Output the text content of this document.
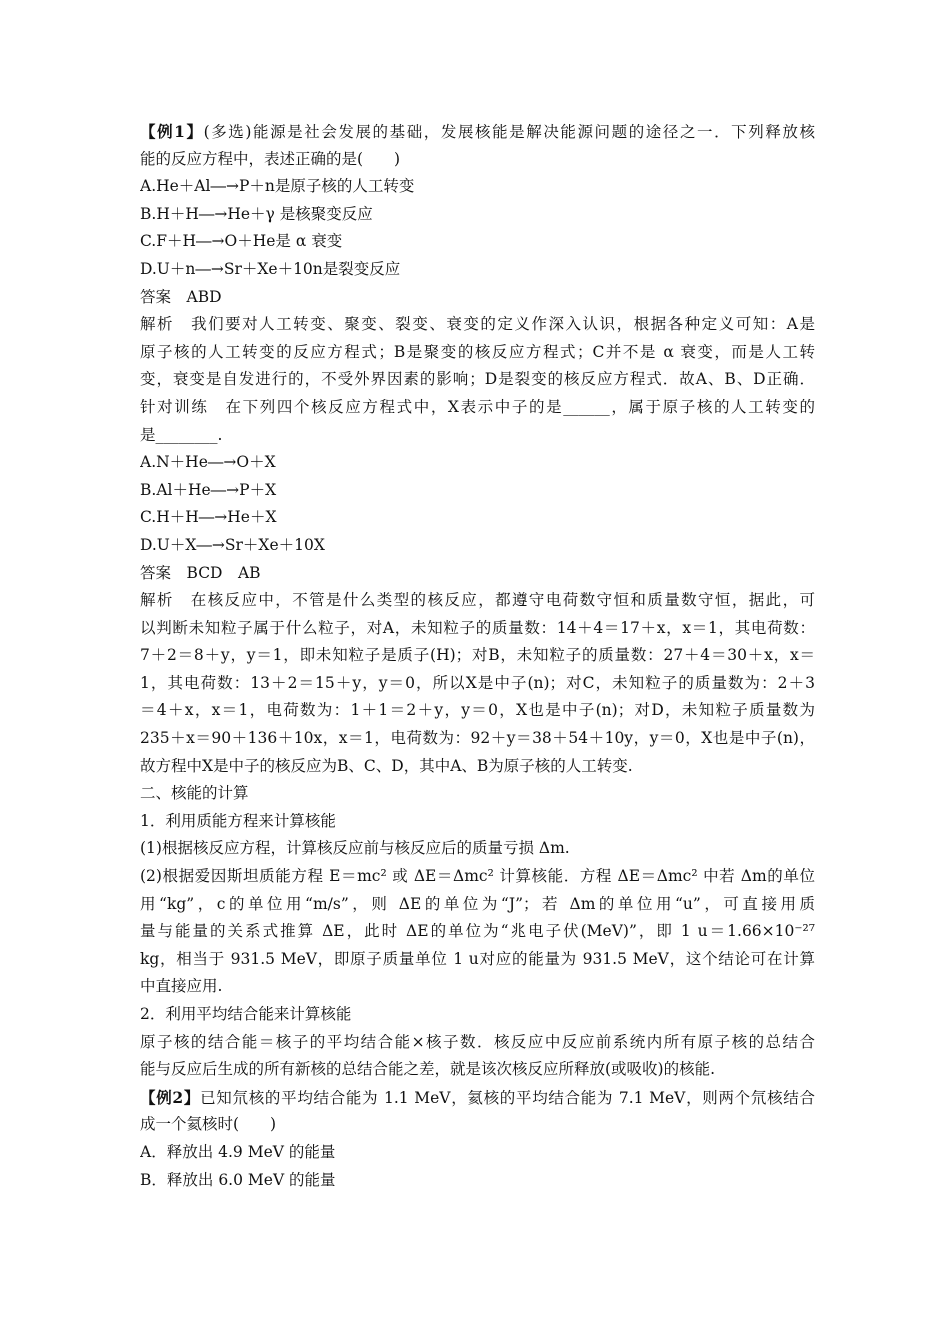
【例1】(多选)能源是社会发展的基础，发展核能是解决能源问题的途径之一．下列释放核
能的反应方程中，表述正确的是(　　)
A.He＋Al―→P＋n是原子核的人工转变
B.H＋H―→He＋γ 是核聚变反应
C.F＋H―→O＋He是 α 衰变
D.U＋n―→Sr＋Xe＋10n是裂变反应
答案 ABD
解析 我们要对人工转变、聚变、裂变、衰变的定义作深入认识，根据各种定义可知：A是
原子核的人工转变的反应方程式；B是聚变的核反应方程式；C并不是 α 衰变，而是人工转
变，衰变是自发进行的，不受外界因素的影响；D是裂变的核反应方程式．故A、B、D正确．
针对训练 在下列四个核反应方程式中，X表示中子的是______，属于原子核的人工转变的
是________.
A.N＋He―→O＋X
B.Al＋He―→P＋X
C.H＋H―→He＋X
D.U＋X―→Sr＋Xe＋10X
答案 BCD　AB
解析 在核反应中，不管是什么类型的核反应，都遵守电荷数守恒和质量数守恒，据此，可
以判断未知粒子属于什么粒子，对A，未知粒子的质量数：14＋4＝17＋x，x＝1，其电荷数：
7＋2＝8＋y，y＝1，即未知粒子是质子(H)；对B，未知粒子的质量数：27＋4＝30＋x，x＝
1，其电荷数：13＋2＝15＋y，y＝0，所以X是中子(n)；对C，未知粒子的质量数为：2＋3
＝4＋x，x＝1，电荷数为：1＋1＝2＋y，y＝0，X也是中子(n)；对D，未知粒子质量数为
235＋x＝90＋136＋10x，x＝1，电荷数为：92＋y＝38＋54＋10y，y＝0，X也是中子(n)，
故方程中X是中子的核反应为B、C、D，其中A、B为原子核的人工转变.
二、核能的计算
1．利用质能方程来计算核能
(1)根据核反应方程，计算核反应前与核反应后的质量亏损 Δm.
(2)根据爱因斯坦质能方程 E＝mc² 或 ΔE＝Δmc² 计算核能．方程 ΔE＝Δmc² 中若 Δm的单位
用“kg”，c的单位用“m/s”，则 ΔE的单位为“J”；若 Δm的单位用“u”，可直接用质
量与能量的关系式推算 ΔE，此时 ΔE的单位为“兆电子伏(MeV)”，即 1 u＝1.66×10⁻²⁷
kg，相当于 931.5 MeV，即原子质量单位 1 u对应的能量为 931.5 MeV，这个结论可在计算
中直接应用.
2．利用平均结合能来计算核能
原子核的结合能＝核子的平均结合能×核子数．核反应中反应前系统内所有原子核的总结合
能与反应后生成的所有新核的总结合能之差，就是该次核反应所释放(或吸收)的核能.
【例2】已知氘核的平均结合能为 1.1 MeV，氦核的平均结合能为 7.1 MeV，则两个氘核结合
成一个氦核时(　　)
A．释放出 4.9 MeV 的能量
B．释放出 6.0 MeV 的能量
